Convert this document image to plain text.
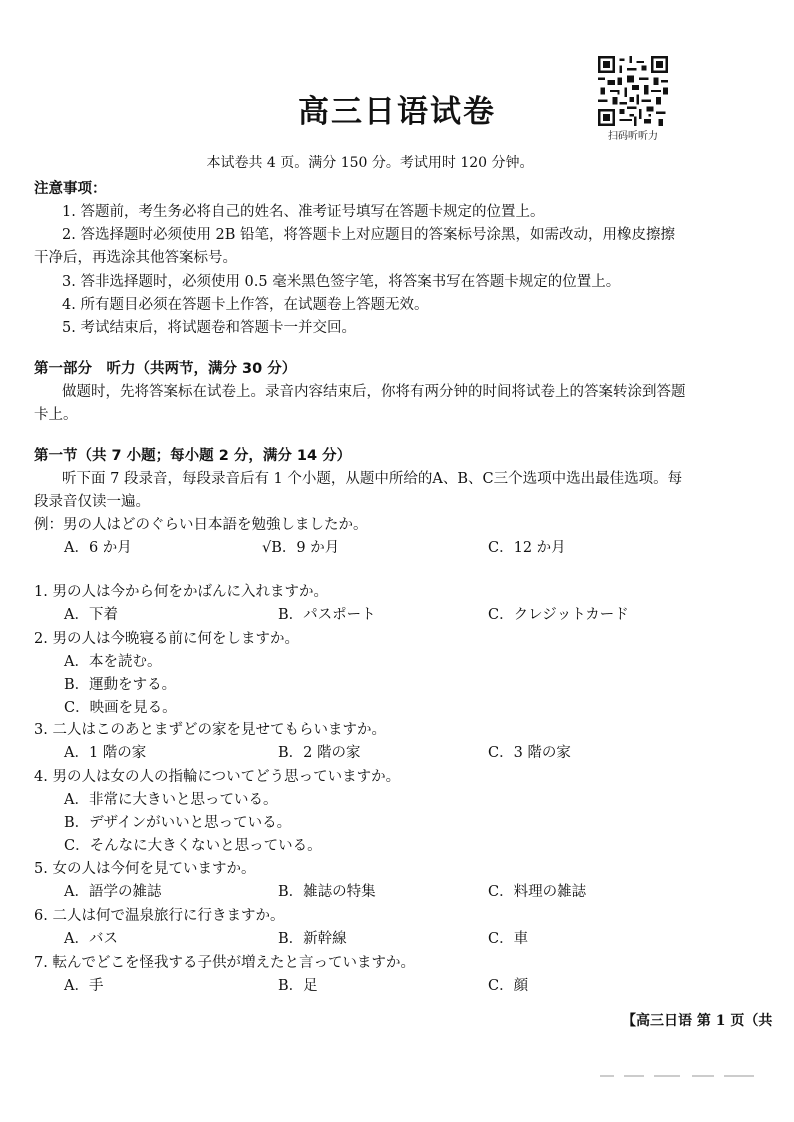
高三日语试卷
扫码听听力
本试卷共 4 页。满分 150 分。考试用时 120 分钟。
注意事项：
1. 答题前，考生务必将自己的姓名、准考证号填写在答题卡规定的位置上。
2. 答选择题时必须使用 2B 铅笔，将答题卡上对应题目的答案标号涂黑，如需改动，用橡皮擦擦
干净后，再选涂其他答案标号。
3. 答非选择题时，必须使用 0.5 毫米黑色签字笔，将答案书写在答题卡规定的位置上。
4. 所有题目必须在答题卡上作答，在试题卷上答题无效。
5. 考试结束后，将试题卷和答题卡一并交回。
第一部分　听力（共两节，满分 30 分）
做题时，先将答案标在试卷上。录音内容结束后，你将有两分钟的时间将试卷上的答案转涂到答题
卡上。
第一节（共 7 小题；每小题 2 分，满分 14 分）
听下面 7 段录音，每段录音后有 1 个小题，从题中所给的A、B、C三个选项中选出最佳选项。每
段录音仅读一遍。
例：男の人はどのぐらい日本語を勉強しましたか。
A．6 か月	√B．9 か月	C．12 か月
1. 男の人は今から何をかばんに入れますか。
A．下着	B．パスポート	C．クレジットカード
2. 男の人は今晩寝る前に何をしますか。
A．本を読む。
B．運動をする。
C．映画を見る。
3. 二人はこのあとまずどの家を見せてもらいますか。
A．1 階の家	B．2 階の家	C．3 階の家
4. 男の人は女の人の指輪についてどう思っていますか。
A．非常に大きいと思っている。
B．デザインがいいと思っている。
C．そんなに大きくないと思っている。
5. 女の人は今何を見ていますか。
A．語学の雑誌	B．雑誌の特集	C．料理の雑誌
6. 二人は何で温泉旅行に行きますか。
A．バス	B．新幹線	C．車
7. 転んでどこを怪我する子供が増えたと言っていますか。
A．手	B．足	C．顔
【高三日语 第 1 页（共
